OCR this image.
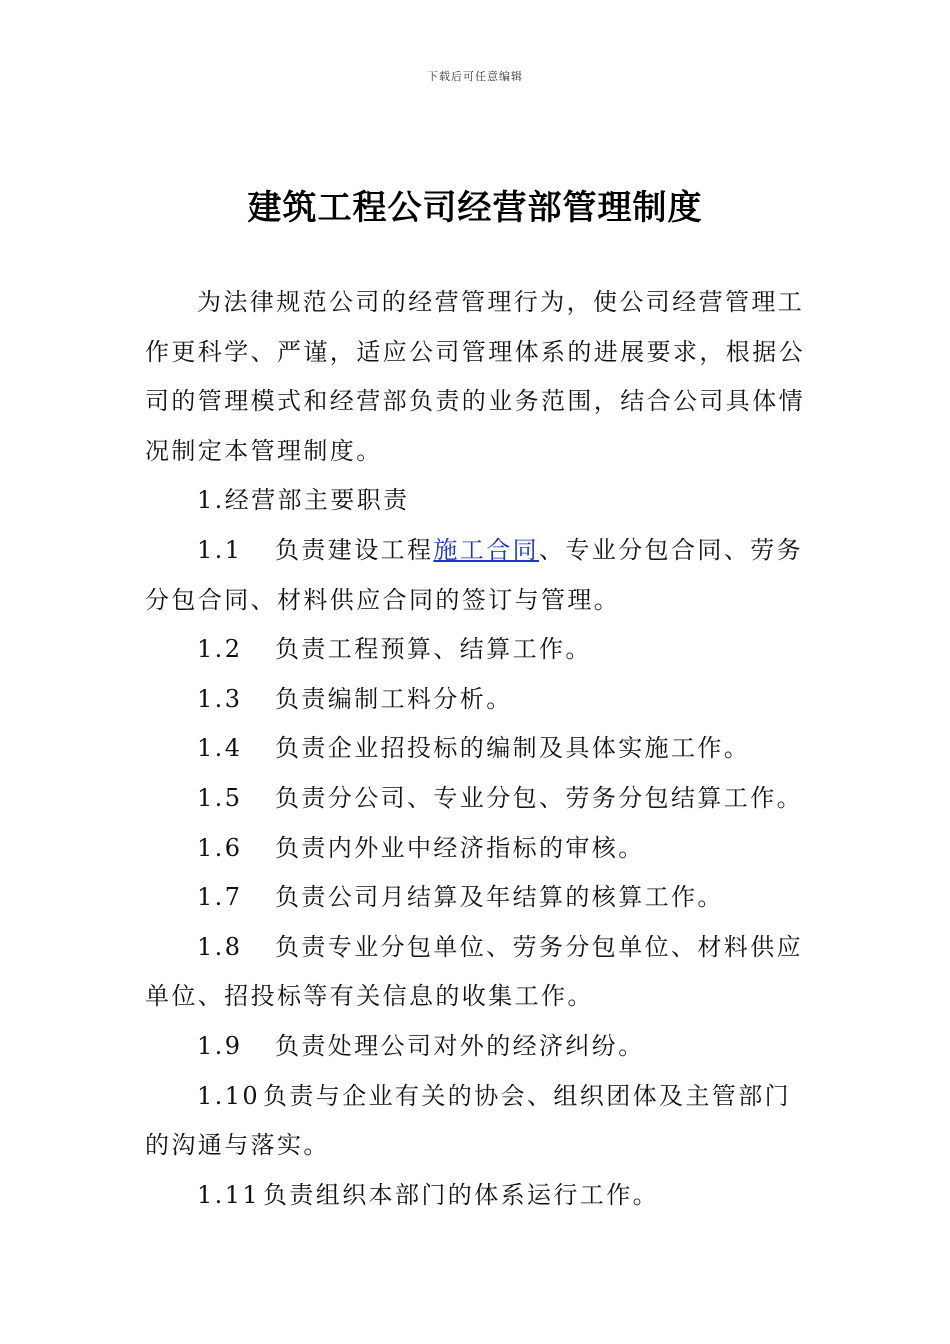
下载后可任意编辑
建筑工程公司经营部管理制度

为法律规范公司的经营管理行为，使公司经营管理工作更科学、严谨，适应公司管理体系的进展要求，根据公司的管理模式和经营部负责的业务范围，结合公司具体情况制定本管理制度。

1.经营部主要职责

1.1 负责建设工程施工合同、专业分包合同、劳务分包合同、材料供应合同的签订与管理。

1.2 负责工程预算、结算工作。

1.3 负责编制工料分析。

1.4 负责企业招投标的编制及具体实施工作。

1.5 负责分公司、专业分包、劳务分包结算工作。

1.6 负责内外业中经济指标的审核。

1.7 负责公司月结算及年结算的核算工作。

1.8 负责专业分包单位、劳务分包单位、材料供应单位、招投标等有关信息的收集工作。

1.9 负责处理公司对外的经济纠纷。

1.10 负责与企业有关的协会、组织团体及主管部门的沟通与落实。

1.11 负责组织本部门的体系运行工作。
